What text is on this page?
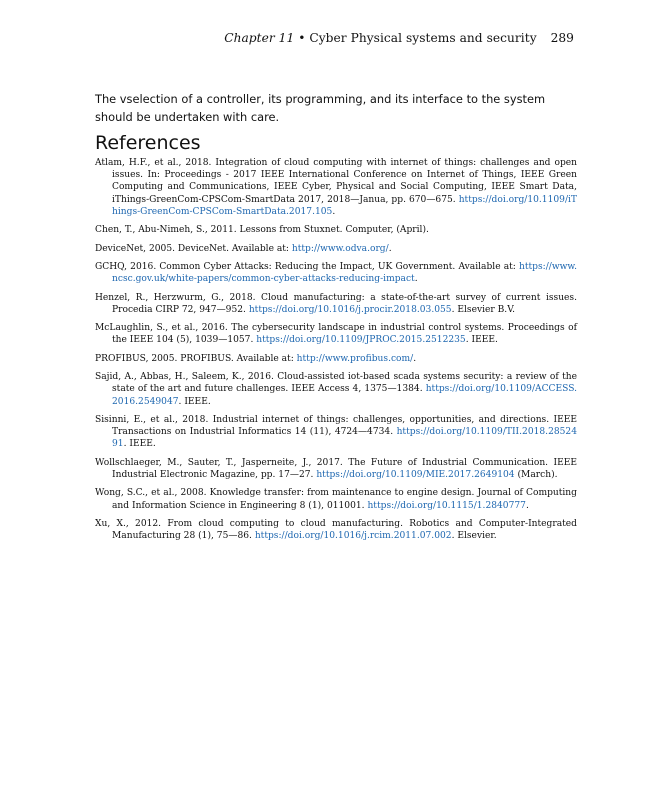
Chapter 11 • Cyber Physical systems and security 289

The vselection of a controller, its programming, and its interface to the system should be undertaken with care.

References
Atlam, H.F., et al., 2018. Integration of cloud computing with internet of things: challenges and open issues. In: Proceedings - 2017 IEEE International Conference on Internet of Things, IEEE Green Computing and Communications, IEEE Cyber, Physical and Social Computing, IEEE Smart Data, iThings-GreenCom-CPSCom-SmartData 2017, 2018—Janua, pp. 670—675. https://doi.org/10.1109/iThings-GreenCom-CPSCom-SmartData.2017.105.
Chen, T., Abu-Nimeh, S., 2011. Lessons from Stuxnet. Computer, (April).
DeviceNet, 2005. DeviceNet. Available at: http://www.odva.org/.
GCHQ, 2016. Common Cyber Attacks: Reducing the Impact, UK Government. Available at: https://www.ncsc.gov.uk/white-papers/common-cyber-attacks-reducing-impact.
Henzel, R., Herzwurm, G., 2018. Cloud manufacturing: a state-of-the-art survey of current issues. Procedia CIRP 72, 947—952. https://doi.org/10.1016/j.procir.2018.03.055. Elsevier B.V.
McLaughlin, S., et al., 2016. The cybersecurity landscape in industrial control systems. Proceedings of the IEEE 104 (5), 1039—1057. https://doi.org/10.1109/JPROC.2015.2512235. IEEE.
PROFIBUS, 2005. PROFIBUS. Available at: http://www.profibus.com/.
Sajid, A., Abbas, H., Saleem, K., 2016. Cloud-assisted iot-based scada systems security: a review of the state of the art and future challenges. IEEE Access 4, 1375—1384. https://doi.org/10.1109/ACCESS.2016.2549047. IEEE.
Sisinni, E., et al., 2018. Industrial internet of things: challenges, opportunities, and directions. IEEE Transactions on Industrial Informatics 14 (11), 4724—4734. https://doi.org/10.1109/TII.2018.2852491. IEEE.
Wollschlaeger, M., Sauter, T., Jasperneite, J., 2017. The Future of Industrial Communication. IEEE Industrial Electronic Magazine, pp. 17—27. https://doi.org/10.1109/MIE.2017.2649104 (March).
Wong, S.C., et al., 2008. Knowledge transfer: from maintenance to engine design. Journal of Computing and Information Science in Engineering 8 (1), 011001. https://doi.org/10.1115/1.2840777.
Xu, X., 2012. From cloud computing to cloud manufacturing. Robotics and Computer-Integrated Manufacturing 28 (1), 75—86. https://doi.org/10.1016/j.rcim.2011.07.002. Elsevier.
